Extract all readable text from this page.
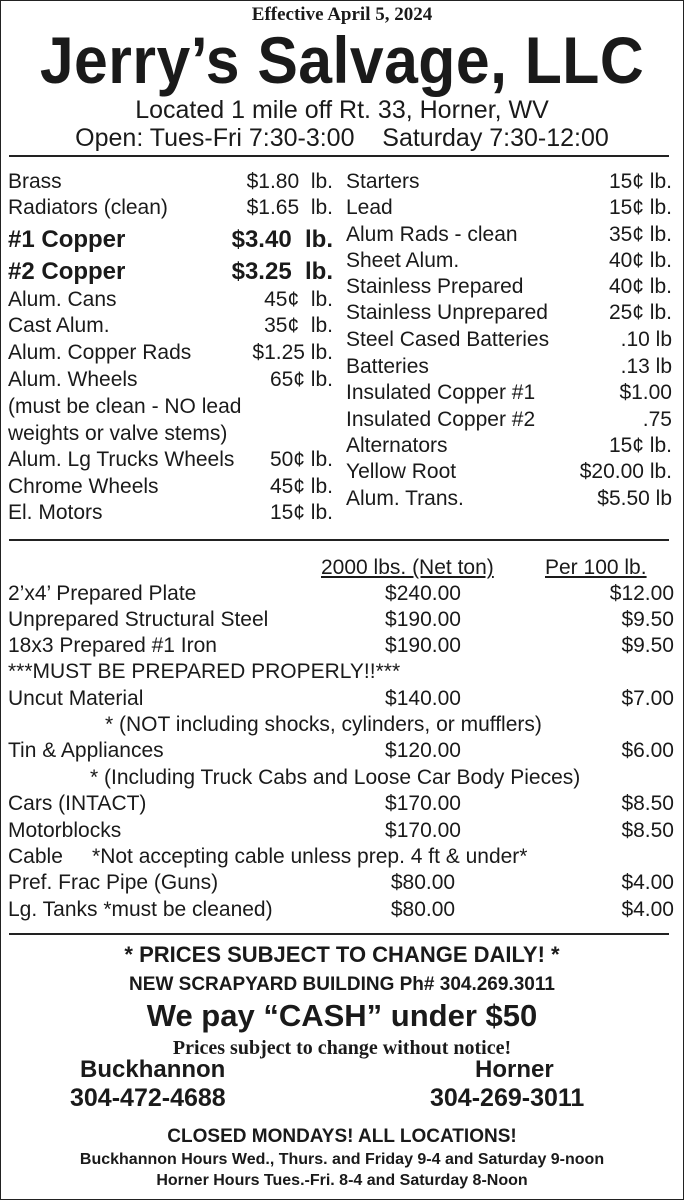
Effective April 5, 2024
Jerry’s Salvage, LLC
Located 1 mile off Rt. 33, Horner, WV
Open: Tues-Fri 7:30-3:00    Saturday 7:30-12:00
Brass	$1.80  lb.
Radiators (clean)	$1.65  lb.
#1 Copper	$3.40  lb.
#2 Copper	$3.25  lb.
Alum. Cans	45¢  lb.
Cast Alum.	35¢  lb.
Alum. Copper Rads	$1.25 lb.
Alum. Wheels	65¢ lb.
(must be clean - NO lead
weights or valve stems)
Alum. Lg Trucks Wheels 50¢ lb.
Chrome Wheels	45¢ lb.
El. Motors	15¢ lb.
Starters	15¢ lb.
Lead	15¢ lb.
Alum Rads - clean	35¢ lb.
Sheet Alum.	40¢ lb.
Stainless Prepared	40¢ lb.
Stainless Unprepared	25¢ lb.
Steel Cased Batteries	.10 lb
Batteries	.13 lb
Insulated Copper #1	$1.00
Insulated Copper #2	.75
Alternators	15¢ lb.
Yellow Root	$20.00 lb.
Alum. Trans.	$5.50 lb
2000 lbs. (Net ton) Per 100 lb.
2’x4’ Prepared Plate	$240.00	$12.00
Unprepared Structural Steel	$190.00	$9.50
18x3 Prepared #1 Iron	$190.00	$9.50
***MUST BE PREPARED PROPERLY!!***
Uncut Material	$140.00	$7.00
* (NOT including shocks, cylinders, or mufflers)
Tin & Appliances	$120.00	$6.00
* (Including Truck Cabs and Loose Car Body Pieces)
Cars (INTACT)	$170.00	$8.50
Motorblocks	$170.00	$8.50
Cable     *Not accepting cable unless prep. 4 ft & under*
Pref. Frac Pipe (Guns)	$80.00	$4.00
Lg. Tanks *must be cleaned)	$80.00	$4.00
* PRICES SUBJECT TO CHANGE DAILY! *
NEW SCRAPYARD BUILDING Ph# 304.269.3011
We pay “CASH” under $50
Prices subject to change without notice!
Buckhannon
304-472-4688
Horner
304-269-3011
CLOSED MONDAYS! ALL LOCATIONS!
Buckhannon Hours Wed., Thurs. and Friday 9-4 and Saturday 9-noon
Horner Hours Tues.-Fri. 8-4 and Saturday 8-Noon
